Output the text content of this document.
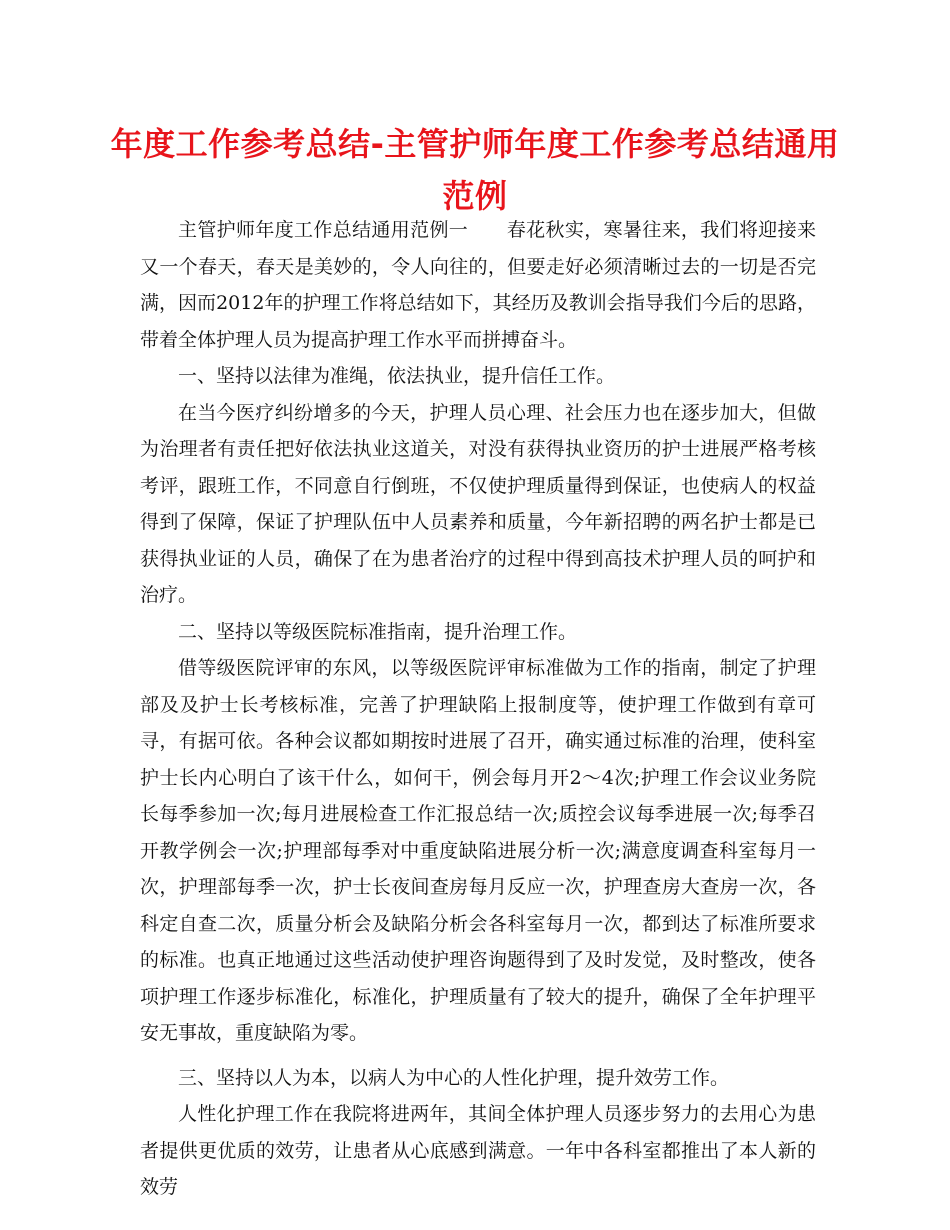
年度工作参考总结-主管护师年度工作参考总结通用范例

主管护师年度工作总结通用范例一　　春花秋实，寒暑往来，我们将迎接来又一个春天，春天是美妙的，令人向往的，但要走好必须清晰过去的一切是否完满，因而2012年的护理工作将总结如下，其经历及教训会指导我们今后的思路，带着全体护理人员为提高护理工作水平而拼搏奋斗。

一、坚持以法律为准绳，依法执业，提升信任工作。

在当今医疗纠纷增多的今天，护理人员心理、社会压力也在逐步加大，但做为治理者有责任把好依法执业这道关，对没有获得执业资历的护士进展严格考核考评，跟班工作，不同意自行倒班，不仅使护理质量得到保证，也使病人的权益得到了保障，保证了护理队伍中人员素养和质量，今年新招聘的两名护士都是已获得执业证的人员，确保了在为患者治疗的过程中得到高技术护理人员的呵护和治疗。

二、坚持以等级医院标准指南，提升治理工作。

借等级医院评审的东风，以等级医院评审标准做为工作的指南，制定了护理部及及护士长考核标准，完善了护理缺陷上报制度等，使护理工作做到有章可寻，有据可依。各种会议都如期按时进展了召开，确实通过标准的治理，使科室护士长内心明白了该干什么，如何干，例会每月开2～4次;护理工作会议业务院长每季参加一次;每月进展检查工作汇报总结一次;质控会议每季进展一次;每季召开教学例会一次;护理部每季对中重度缺陷进展分析一次;满意度调查科室每月一次，护理部每季一次，护士长夜间查房每月反应一次，护理查房大查房一次，各科定自查二次，质量分析会及缺陷分析会各科室每月一次，都到达了标准所要求的标准。也真正地通过这些活动使护理咨询题得到了及时发觉，及时整改，使各项护理工作逐步标准化，标准化，护理质量有了较大的提升，确保了全年护理平安无事故，重度缺陷为零。

三、坚持以人为本，以病人为中心的人性化护理，提升效劳工作。

人性化护理工作在我院将进两年，其间全体护理人员逐步努力的去用心为患者提供更优质的效劳，让患者从心底感到满意。一年中各科室都推出了本人新的效劳
